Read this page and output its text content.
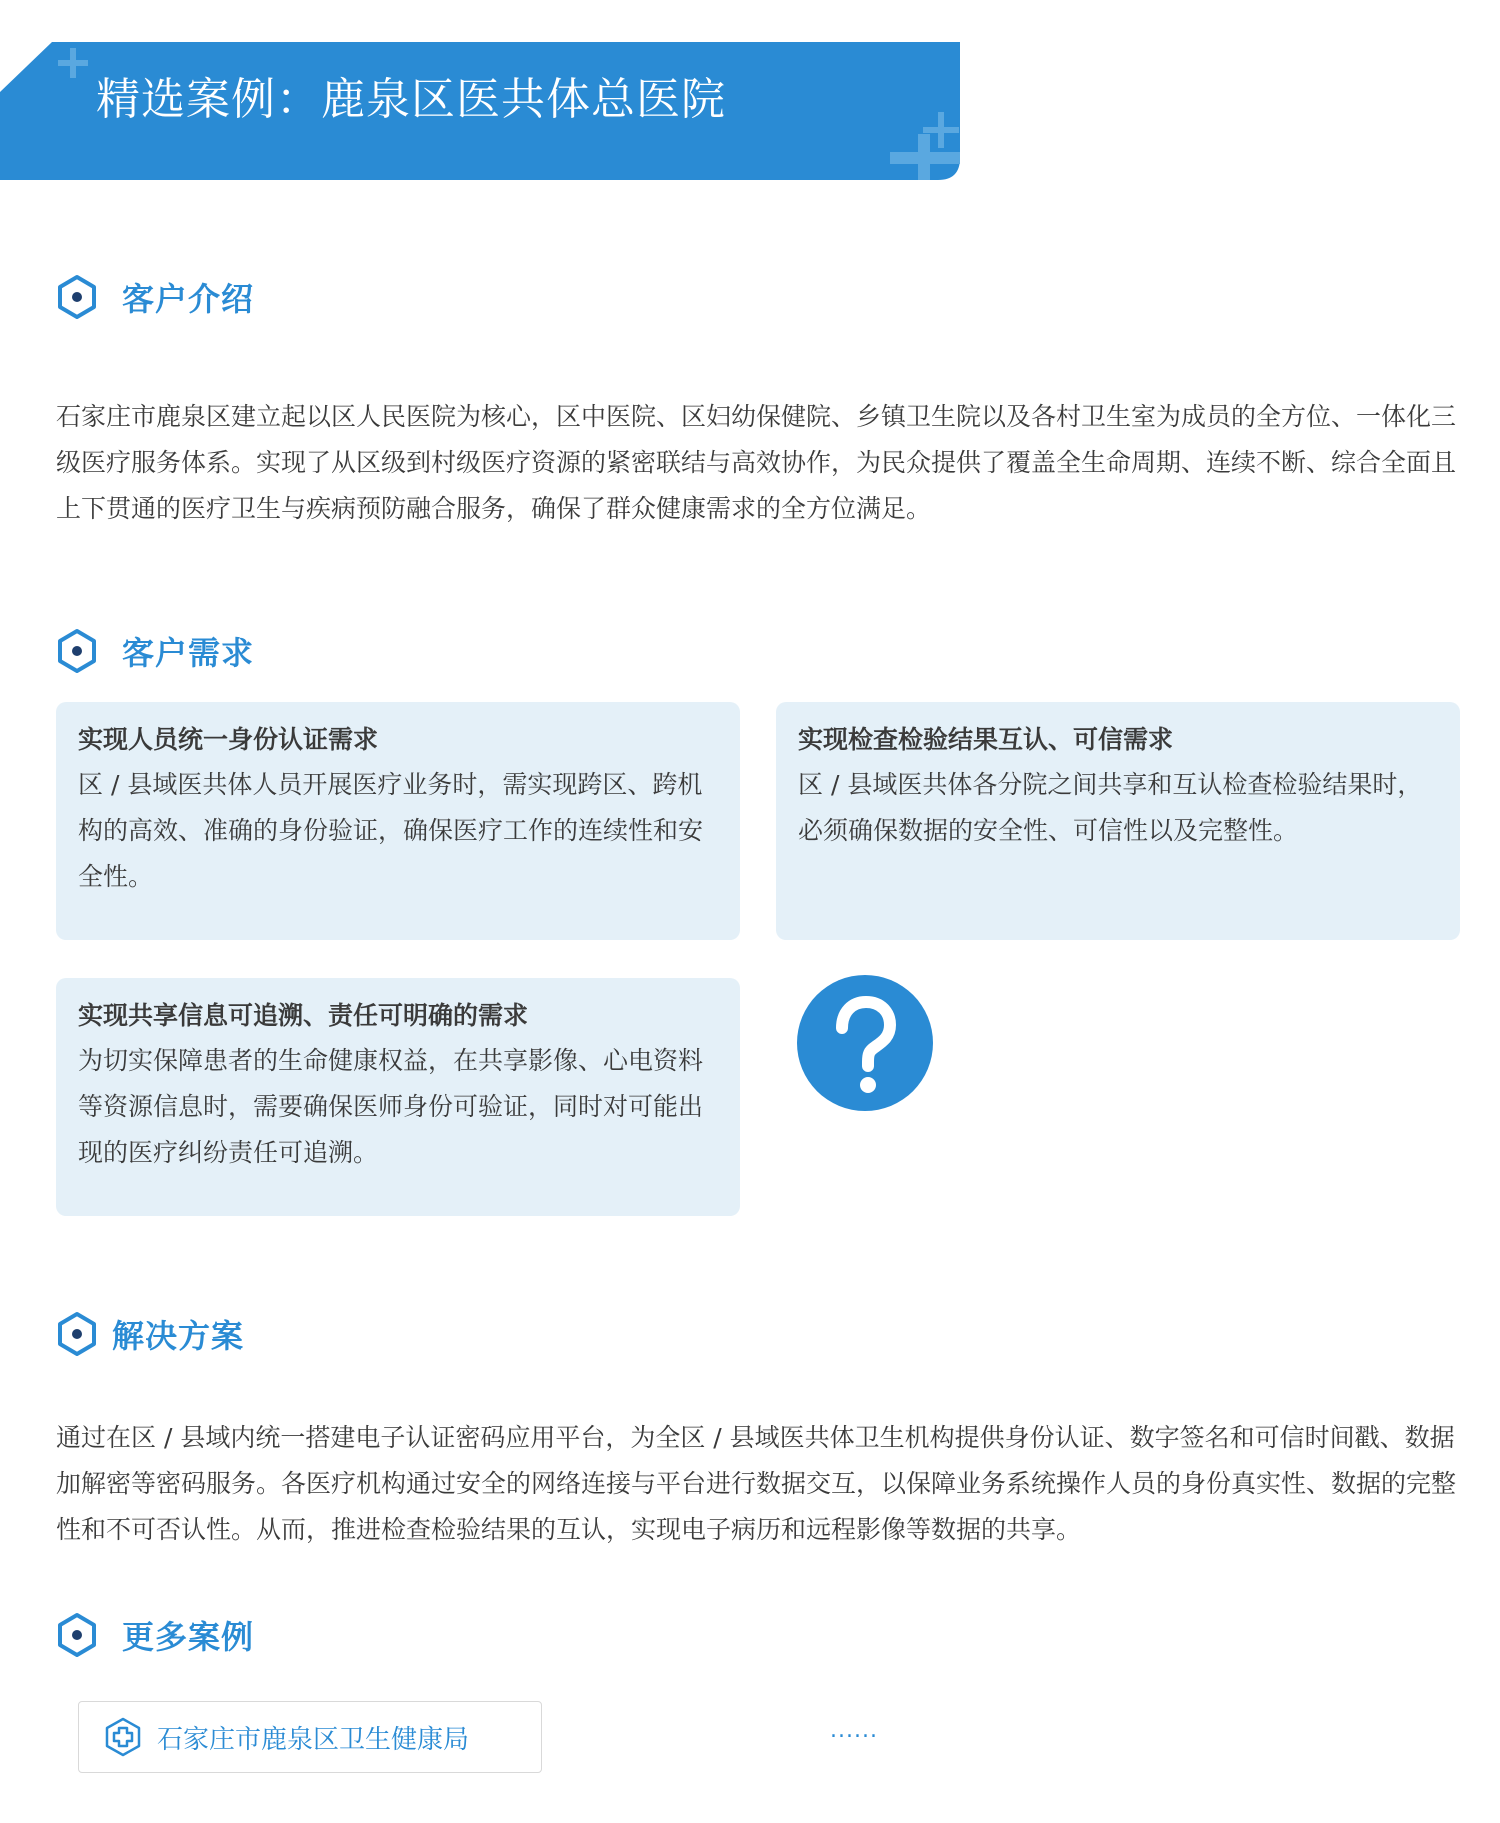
精选案例：鹿泉区医共体总医院
客户介绍
石家庄市鹿泉区建立起以区人民医院为核心，区中医院、区妇幼保健院、乡镇卫生院以及各村卫生室为成员的全方位、一体化三级医疗服务体系。实现了从区级到村级医疗资源的紧密联结与高效协作，为民众提供了覆盖全生命周期、连续不断、综合全面且上下贯通的医疗卫生与疾病预防融合服务，确保了群众健康需求的全方位满足。
客户需求
实现人员统一身份认证需求
区 / 县域医共体人员开展医疗业务时，需实现跨区、跨机构的高效、准确的身份验证，确保医疗工作的连续性和安全性。
实现检查检验结果互认、可信需求
区 / 县域医共体各分院之间共享和互认检查检验结果时，必须确保数据的安全性、可信性以及完整性。
实现共享信息可追溯、责任可明确的需求
为切实保障患者的生命健康权益，在共享影像、心电资料等资源信息时，需要确保医师身份可验证，同时对可能出现的医疗纠纷责任可追溯。
解决方案
通过在区 / 县域内统一搭建电子认证密码应用平台，为全区 / 县域医共体卫生机构提供身份认证、数字签名和可信时间戳、数据加解密等密码服务。各医疗机构通过安全的网络连接与平台进行数据交互，以保障业务系统操作人员的身份真实性、数据的完整性和不可否认性。从而，推进检查检验结果的互认，实现电子病历和远程影像等数据的共享。
更多案例
石家庄市鹿泉区卫生健康局	......
